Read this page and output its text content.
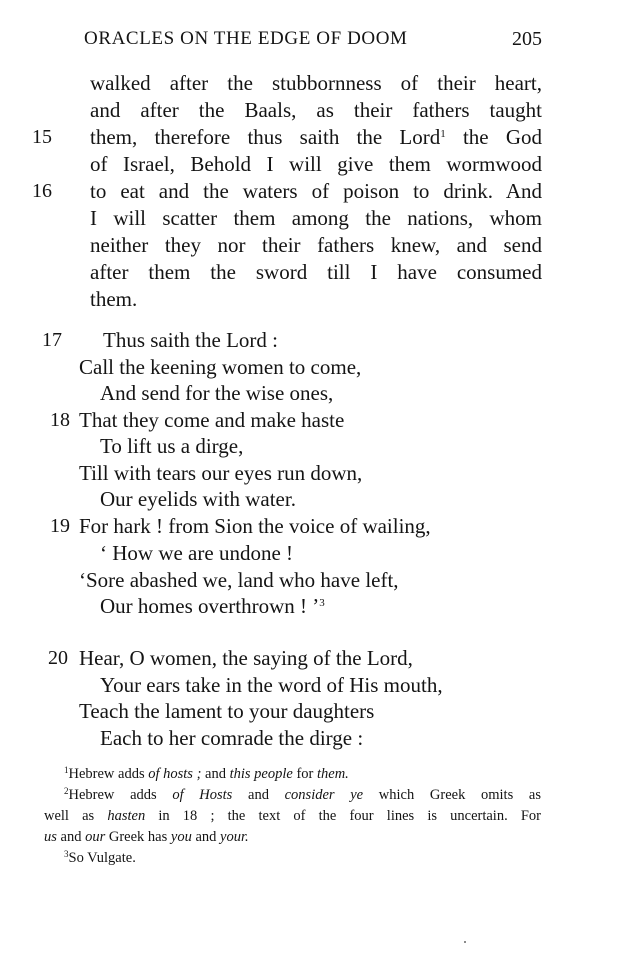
ORACLES ON THE EDGE OF DOOM	205
walked after the stubbornness of their heart,
and after the Baals, as their fathers taught
15	them, therefore thus saith the Lord$^1$ the God
of Israel, Behold I will give them wormwood
16	to eat and the waters of poison to drink. And
I will scatter them among the nations, whom
neither they nor their fathers knew, and send
after them the sword till I have consumed
them.
17 Thus saith the Lord :
Call the keening women to come,
And send for the wise ones,
18 That they come and make haste
To lift us a dirge,
Till with tears our eyes run down,
Our eyelids with water.
19 For hark ! from Sion the voice of wailing,
‘ How we are undone !
‘Sore abashed we, land who have left,
Our homes overthrown ! ’$^3$
20 Hear, O women, the saying of the Lord,
Your ears take in the word of His mouth,
Teach the lament to your daughters
Each to her comrade the dirge :
$^1$Hebrew adds of hosts ; and this people for them.
$^2$Hebrew adds of Hosts and consider ye which Greek omits as
well as hasten in 18 ; the text of the four lines is uncertain. For
us and our Greek has you and your.
$^3$So Vulgate.
